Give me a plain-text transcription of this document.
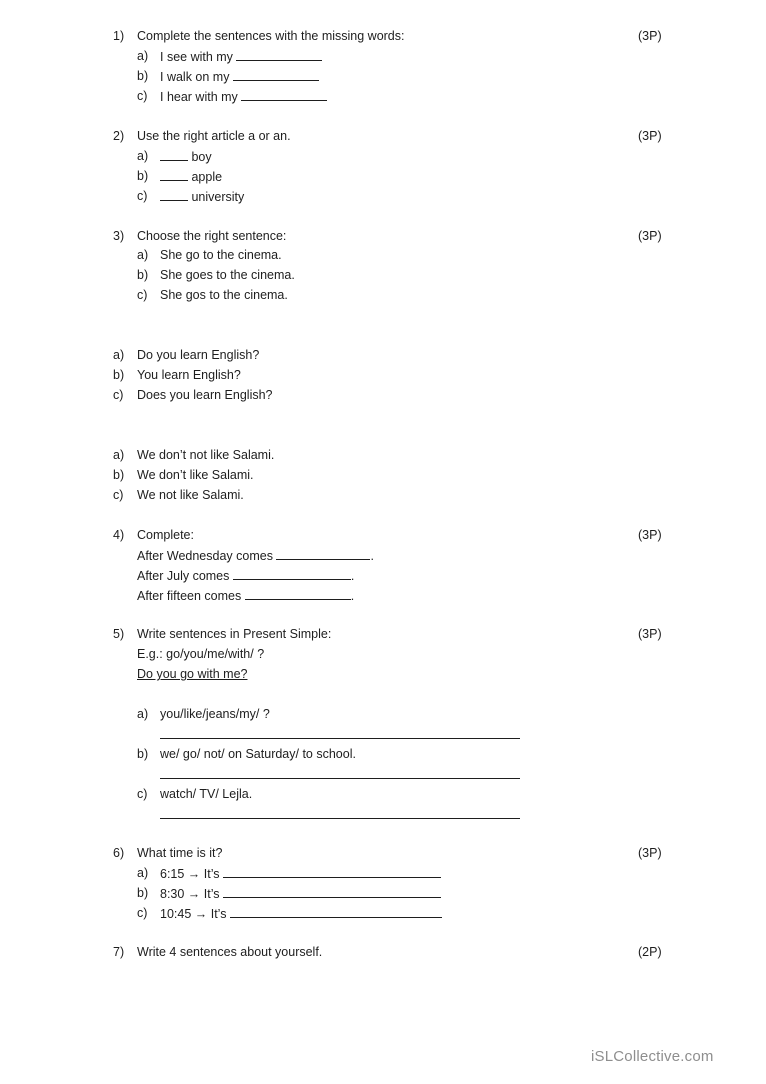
1) Complete the sentences with the missing words:	(3P)
a) I see with my
b) I walk on my
c) I hear with my
2) Use the right article a or an.	(3P)
a)	boy
b)	apple
c)	university
3) Choose the right sentence:	(3P)
a) She go to the cinema.
b) She goes to the cinema.
c) She gos to the cinema.
a) Do you learn English?
b) You learn English?
c) Does you learn English?
a) We don’t not like Salami.
b) We don’t like Salami.
c) We not like Salami.
4) Complete:	(3P)
After Wednesday comes	.
After July comes	.
After fifteen comes	.
5) Write sentences in Present Simple:	(3P)
E.g.: go/you/me/with/ ?
Do you go with me?
a) you/like/jeans/my/ ?
b) we/ go/ not/ on Saturday/ to school.
c) watch/ TV/ Lejla.
6) What time is it?	(3P)
a) 6:15 → It’s
b) 8:30 → It’s
c) 10:45 → It’s
7) Write 4 sentences about yourself.	(2P)
iSLCollective.com
